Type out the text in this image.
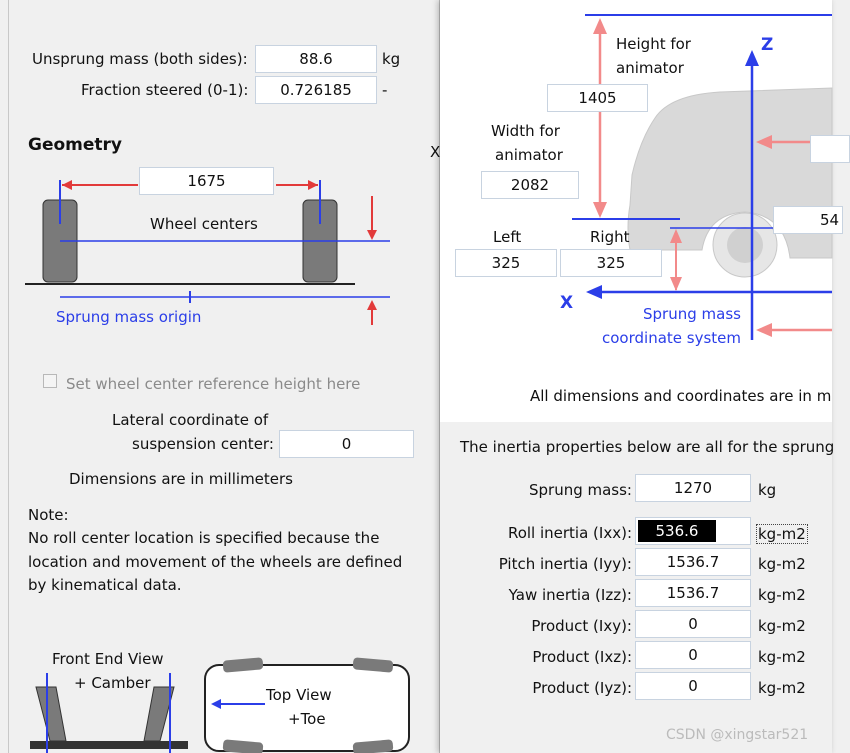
Unsprung mass (both sides):	88.6	kg
Fraction steered (0-1):	0.726185	-
Geometry
1675
Wheel centers
Sprung mass origin
Set wheel center reference height here
Lateral coordinate of
suspension center:	0
Dimensions are in millimeters
Note:
No roll center location is specified because the
location and movement of the wheels are defined
by kinematical data.
Front End View
+ Camber
Top View
+Toe
X
Height for
animator
1405
Width for
animator
2082
Left	Right
325	325
54
Z
X
Sprung mass
coordinate system
All dimensions and coordinates are in m
The inertia properties below are all for the sprung
Sprung mass:	1270	kg
Roll inertia (Ixx):	536.6	kg-m2
Pitch inertia (Iyy):	1536.7	kg-m2
Yaw inertia (Izz):	1536.7	kg-m2
Product (Ixy):	0	kg-m2
Product (Ixz):	0	kg-m2
Product (Iyz):	0	kg-m2
CSDN @xingstar521
